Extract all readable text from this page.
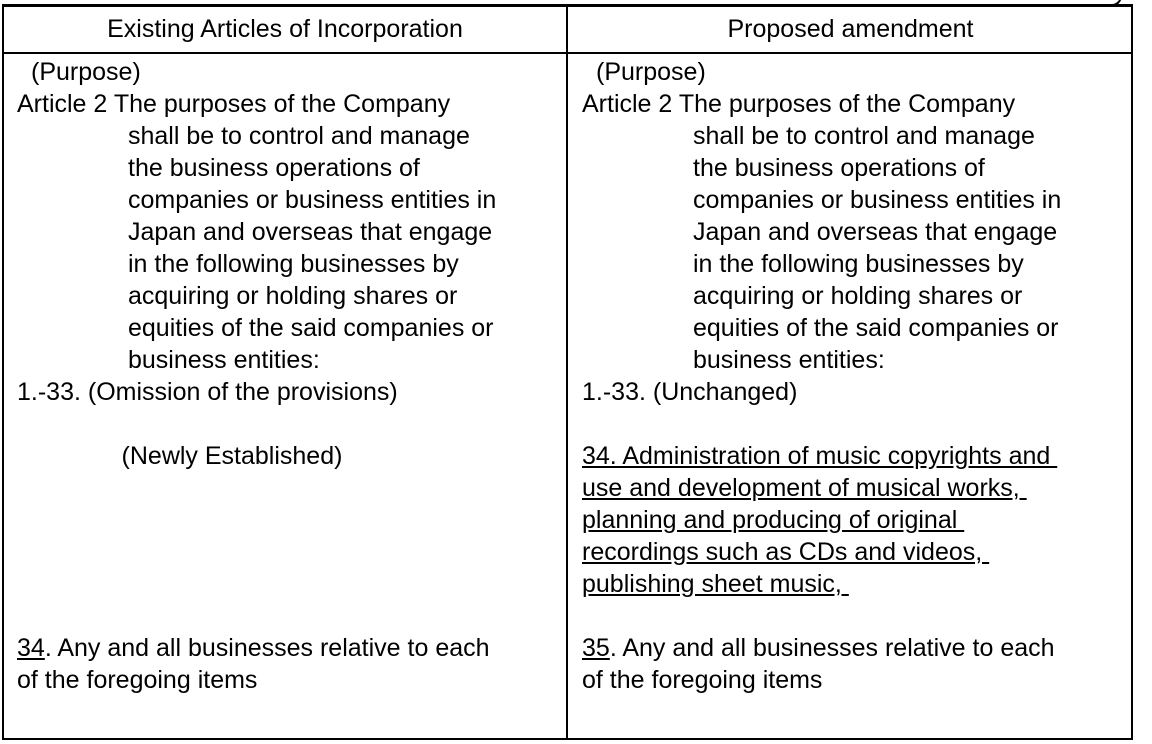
Existing Articles of Incorporation	Proposed amendment
(Purpose)
Article 2 The purposes of the Company
shall be to control and manage
the business operations of
companies or business entities in
Japan and overseas that engage
in the following businesses by
acquiring or holding shares or
equities of the said companies or
business entities:
1.-33. (Omission of the provisions)
(Newly Established)
34. Any and all businesses relative to each
of the foregoing items
(Purpose)
Article 2 The purposes of the Company
shall be to control and manage
the business operations of
companies or business entities in
Japan and overseas that engage
in the following businesses by
acquiring or holding shares or
equities of the said companies or
business entities:
1.-33. (Unchanged)
34. Administration of music copyrights and
use and development of musical works,
planning and producing of original
recordings such as CDs and videos,
publishing sheet music,
35. Any and all businesses relative to each
of the foregoing items
